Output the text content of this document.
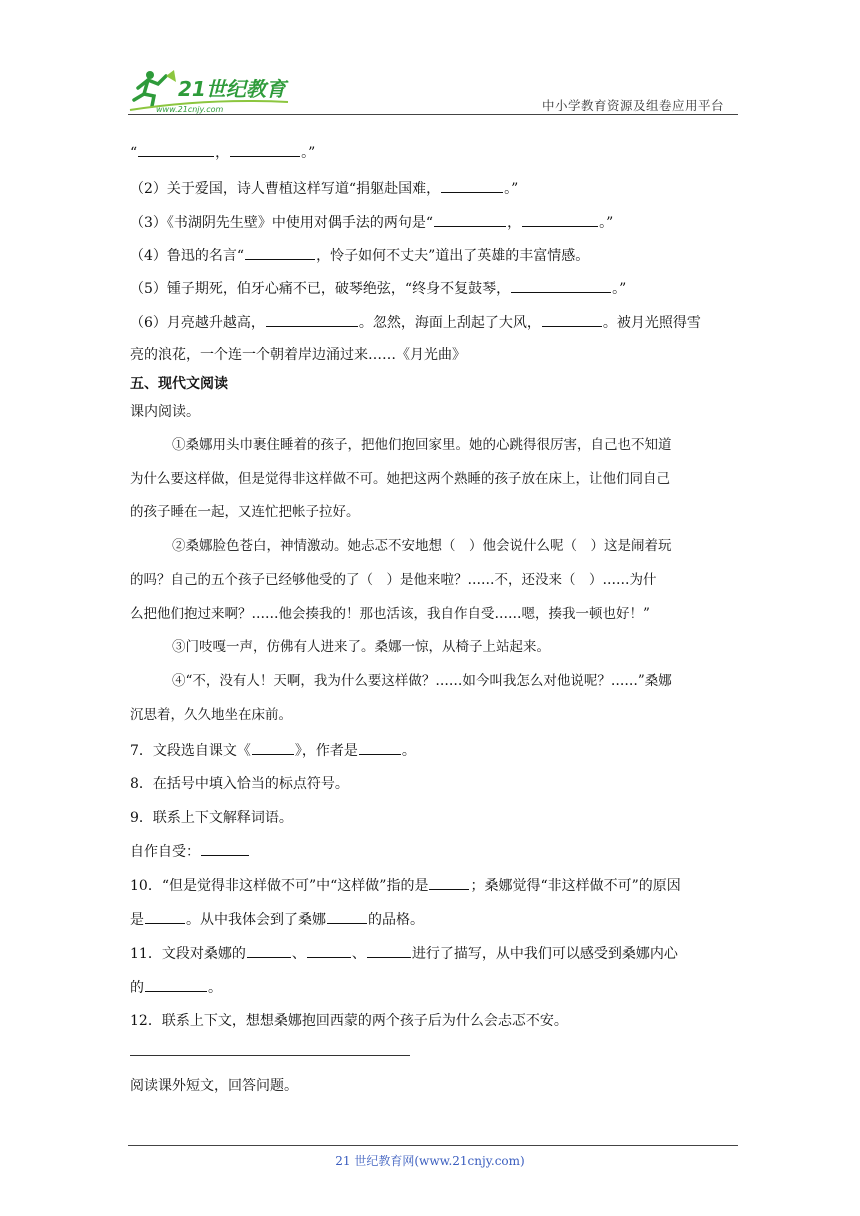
21世纪教育
www.21cnjy.com	中小学教育资源及组卷应用平台
“	，	。”
（2）关于爱国，诗人曹植这样写道“捐躯赴国难，	。”
（3）《书湖阴先生壁》中使用对偶手法的两句是“	，	。”
（4）鲁迅的名言“	，怜子如何不丈夫”道出了英雄的丰富情感。
（5）锺子期死，伯牙心痛不已，破琴绝弦，“终身不复鼓琴，	。”
（6）月亮越升越高，	。忽然，海面上刮起了大风，	。被月光照得雪
亮的浪花，一个连一个朝着岸边涌过来……《月光曲》
五、现代文阅读
课内阅读。
①桑娜用头巾裹住睡着的孩子，把他们抱回家里。她的心跳得很厉害，自己也不知道
为什么要这样做，但是觉得非这样做不可。她把这两个熟睡的孩子放在床上，让他们同自己
的孩子睡在一起，又连忙把帐子拉好。
②桑娜脸色苍白，神情激动。她忐忑不安地想（　）他会说什么呢（　）这是闹着玩
的吗？自己的五个孩子已经够他受的了（　）是他来啦？……不，还没来（　）……为什
么把他们抱过来啊？……他会揍我的！那也活该，我自作自受……嗯，揍我一顿也好！”
③门吱嘎一声，仿佛有人进来了。桑娜一惊，从椅子上站起来。
④“不，没有人！天啊，我为什么要这样做？……如今叫我怎么对他说呢？……”桑娜
沉思着，久久地坐在床前。
7．文段选自课文《	》，作者是	。
8．在括号中填入恰当的标点符号。
9．联系上下文解释词语。
自作自受：
10．“但是觉得非这样做不可”中“这样做”指的是	；桑娜觉得“非这样做不可”的原因
是	。从中我体会到了桑娜	的品格。
11．文段对桑娜的	、	、	进行了描写，从中我们可以感受到桑娜内心
的	。
12．联系上下文，想想桑娜抱回西蒙的两个孩子后为什么会忐忑不安。
阅读课外短文，回答问题。
21 世纪教育网(www.21cnjy.com)
